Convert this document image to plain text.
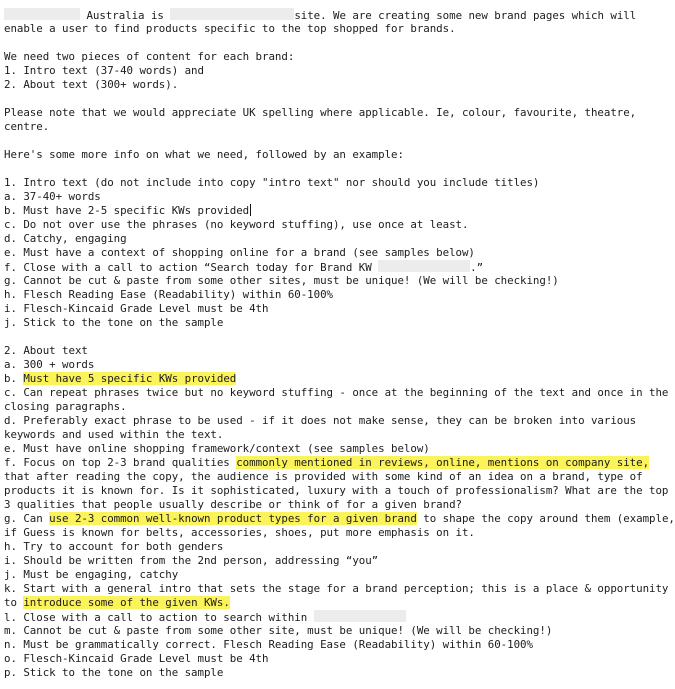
Australia is	site. We are creating some new brand pages which will
enable a user to find products specific to the top shopped for brands.
We need two pieces of content for each brand:
1. Intro text (37-40 words) and
2. About text (300+ words).
Please note that we would appreciate UK spelling where applicable. Ie, colour, favourite, theatre,
centre.
Here's some more info on what we need, followed by an example:
1. Intro text (do not include into copy "intro text" nor should you include titles)
a. 37-40+ words
b. Must have 2-5 specific KWs provided
c. Do not over use the phrases (no keyword stuffing), use once at least.
d. Catchy, engaging
e. Must have a context of shopping online for a brand (see samples below)
f. Close with a call to action “Search today for Brand KW	.”
g. Cannot be cut & paste from some other sites, must be unique! (We will be checking!)
h. Flesch Reading Ease (Readability) within 60-100%
i. Flesch-Kincaid Grade Level must be 4th
j. Stick to the tone on the sample
2. About text
a. 300 + words
b. Must have 5 specific KWs provided
c. Can repeat phrases twice but no keyword stuffing - once at the beginning of the text and once in the
closing paragraphs.
d. Preferably exact phrase to be used - if it does not make sense, they can be broken into various
keywords and used within the text.
e. Must have online shopping framework/context (see samples below)
f. Focus on top 2-3 brand qualities commonly mentioned in reviews, online, mentions on company site,
that after reading the copy, the audience is provided with some kind of an idea on a brand, type of
products it is known for. Is it sophisticated, luxury with a touch of professionalism? What are the top
3 qualities that people usually describe or think of for a given brand?
g. Can use 2-3 common well-known product types for a given brand to shape the copy around them (example,
if Guess is known for belts, accessories, shoes, put more emphasis on it.
h. Try to account for both genders
i. Should be written from the 2nd person, addressing “you”
j. Must be engaging, catchy
k. Start with a general intro that sets the stage for a brand perception; this is a place & opportunity
to introduce some of the given KWs.
l. Close with a call to action to search within
m. Cannot be cut & paste from some other site, must be unique! (We will be checking!)
n. Must be grammatically correct. Flesch Reading Ease (Readability) within 60-100%
o. Flesch-Kincaid Grade Level must be 4th
p. Stick to the tone on the sample
